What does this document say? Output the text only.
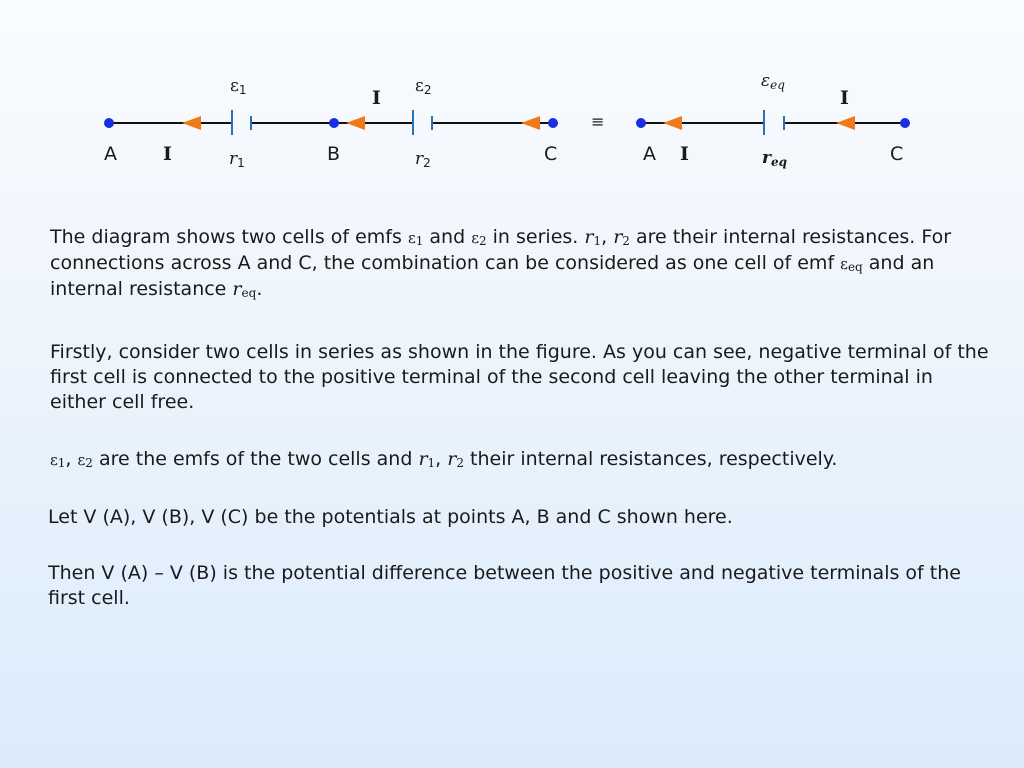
$\varepsilon_1$	$\varepsilon_2$
I
A I	$r_1$	B	$r_2$	C
≡
$\varepsilon_{eq}$
I
A I	$r_{eq}$	C
The diagram shows two cells of emfs $\varepsilon_1$ and $\varepsilon_2$ in series. $r_1$, $r_2$ are their internal resistances. For connections across A and C, the combination can be considered as one cell of emf $\varepsilon_{eq}$ and an internal resistance $r_{eq}$.
Firstly, consider two cells in series as shown in the figure. As you can see, negative terminal of the first cell is connected to the positive terminal of the second cell leaving the other terminal in either cell free.
$\varepsilon_1$, $\varepsilon_2$ are the emfs of the two cells and $r_1$, $r_2$ their internal resistances, respectively.
Let V (A), V (B), V (C) be the potentials at points A, B and C shown here.
Then V (A) – V (B) is the potential difference between the positive and negative terminals of the first cell.
